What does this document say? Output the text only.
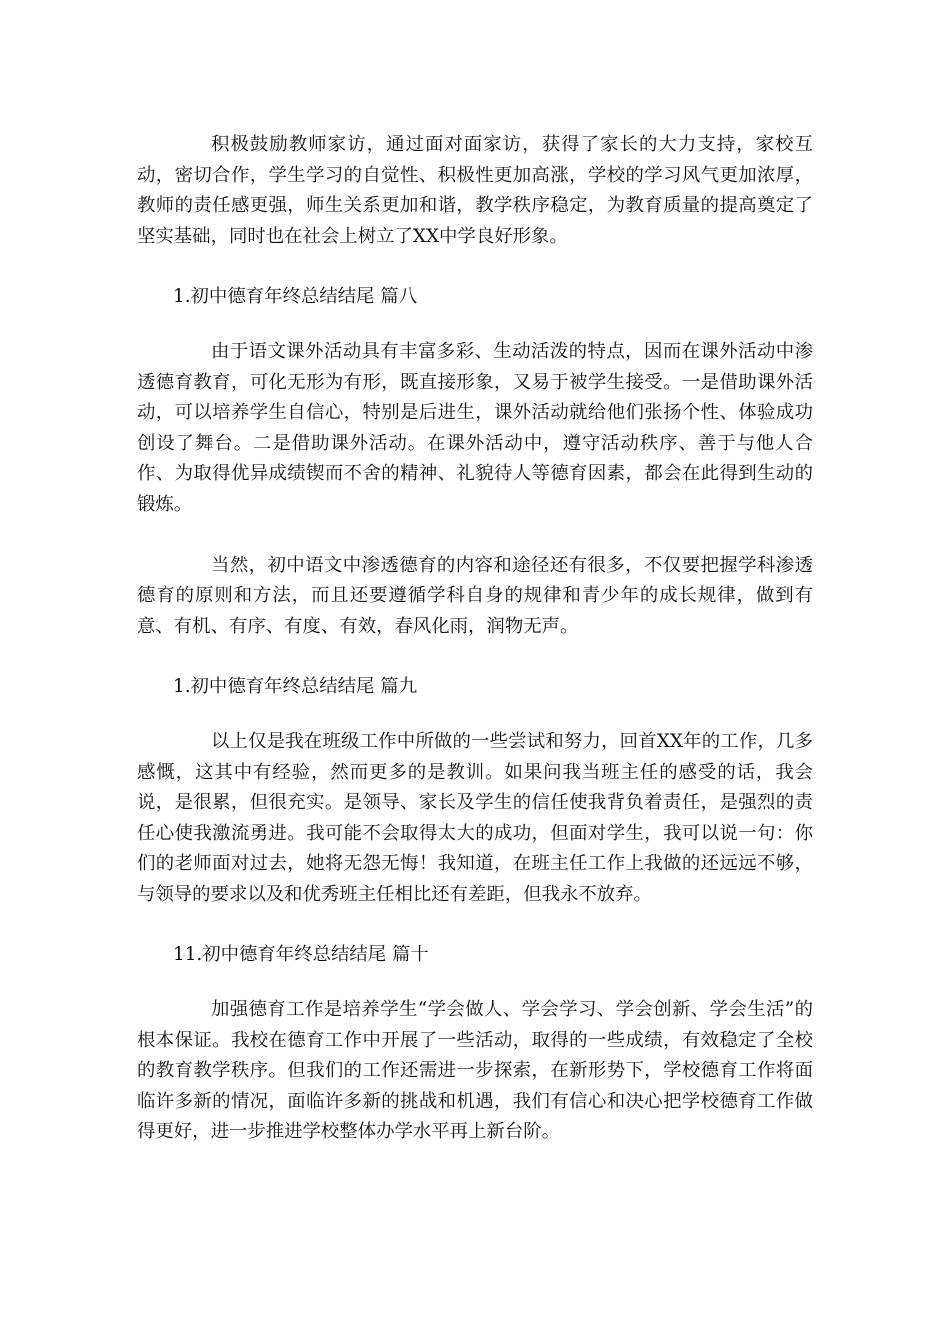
积极鼓励教师家访，通过面对面家访，获得了家长的大力支持，家校互动，密切合作，学生学习的自觉性、积极性更加高涨，学校的学习风气更加浓厚，教师的责任感更强，师生关系更加和谐，教学秩序稳定，为教育质量的提高奠定了坚实基础，同时也在社会上树立了XX中学良好形象。

1.初中德育年终总结结尾 篇八

由于语文课外活动具有丰富多彩、生动活泼的特点，因而在课外活动中渗透德育教育，可化无形为有形，既直接形象，又易于被学生接受。一是借助课外活动，可以培养学生自信心，特别是后进生，课外活动就给他们张扬个性、体验成功创设了舞台。二是借助课外活动。在课外活动中，遵守活动秩序、善于与他人合作、为取得优异成绩锲而不舍的精神、礼貌待人等德育因素，都会在此得到生动的锻炼。

当然，初中语文中渗透德育的内容和途径还有很多，不仅要把握学科渗透德育的原则和方法，而且还要遵循学科自身的规律和青少年的成长规律，做到有意、有机、有序、有度、有效，春风化雨，润物无声。

1.初中德育年终总结结尾 篇九

以上仅是我在班级工作中所做的一些尝试和努力，回首XX年的工作，几多感慨，这其中有经验，然而更多的是教训。如果问我当班主任的感受的话，我会说，是很累，但很充实。是领导、家长及学生的信任使我背负着责任，是强烈的责任心使我激流勇进。我可能不会取得太大的成功，但面对学生，我可以说一句：你们的老师面对过去，她将无怨无悔！我知道，在班主任工作上我做的还远远不够，与领导的要求以及和优秀班主任相比还有差距，但我永不放弃。

11.初中德育年终总结结尾 篇十

加强德育工作是培养学生“学会做人、学会学习、学会创新、学会生活”的根本保证。我校在德育工作中开展了一些活动，取得的一些成绩，有效稳定了全校的教育教学秩序。但我们的工作还需进一步探索，在新形势下，学校德育工作将面临许多新的情况，面临许多新的挑战和机遇，我们有信心和决心把学校德育工作做得更好，进一步推进学校整体办学水平再上新台阶。
